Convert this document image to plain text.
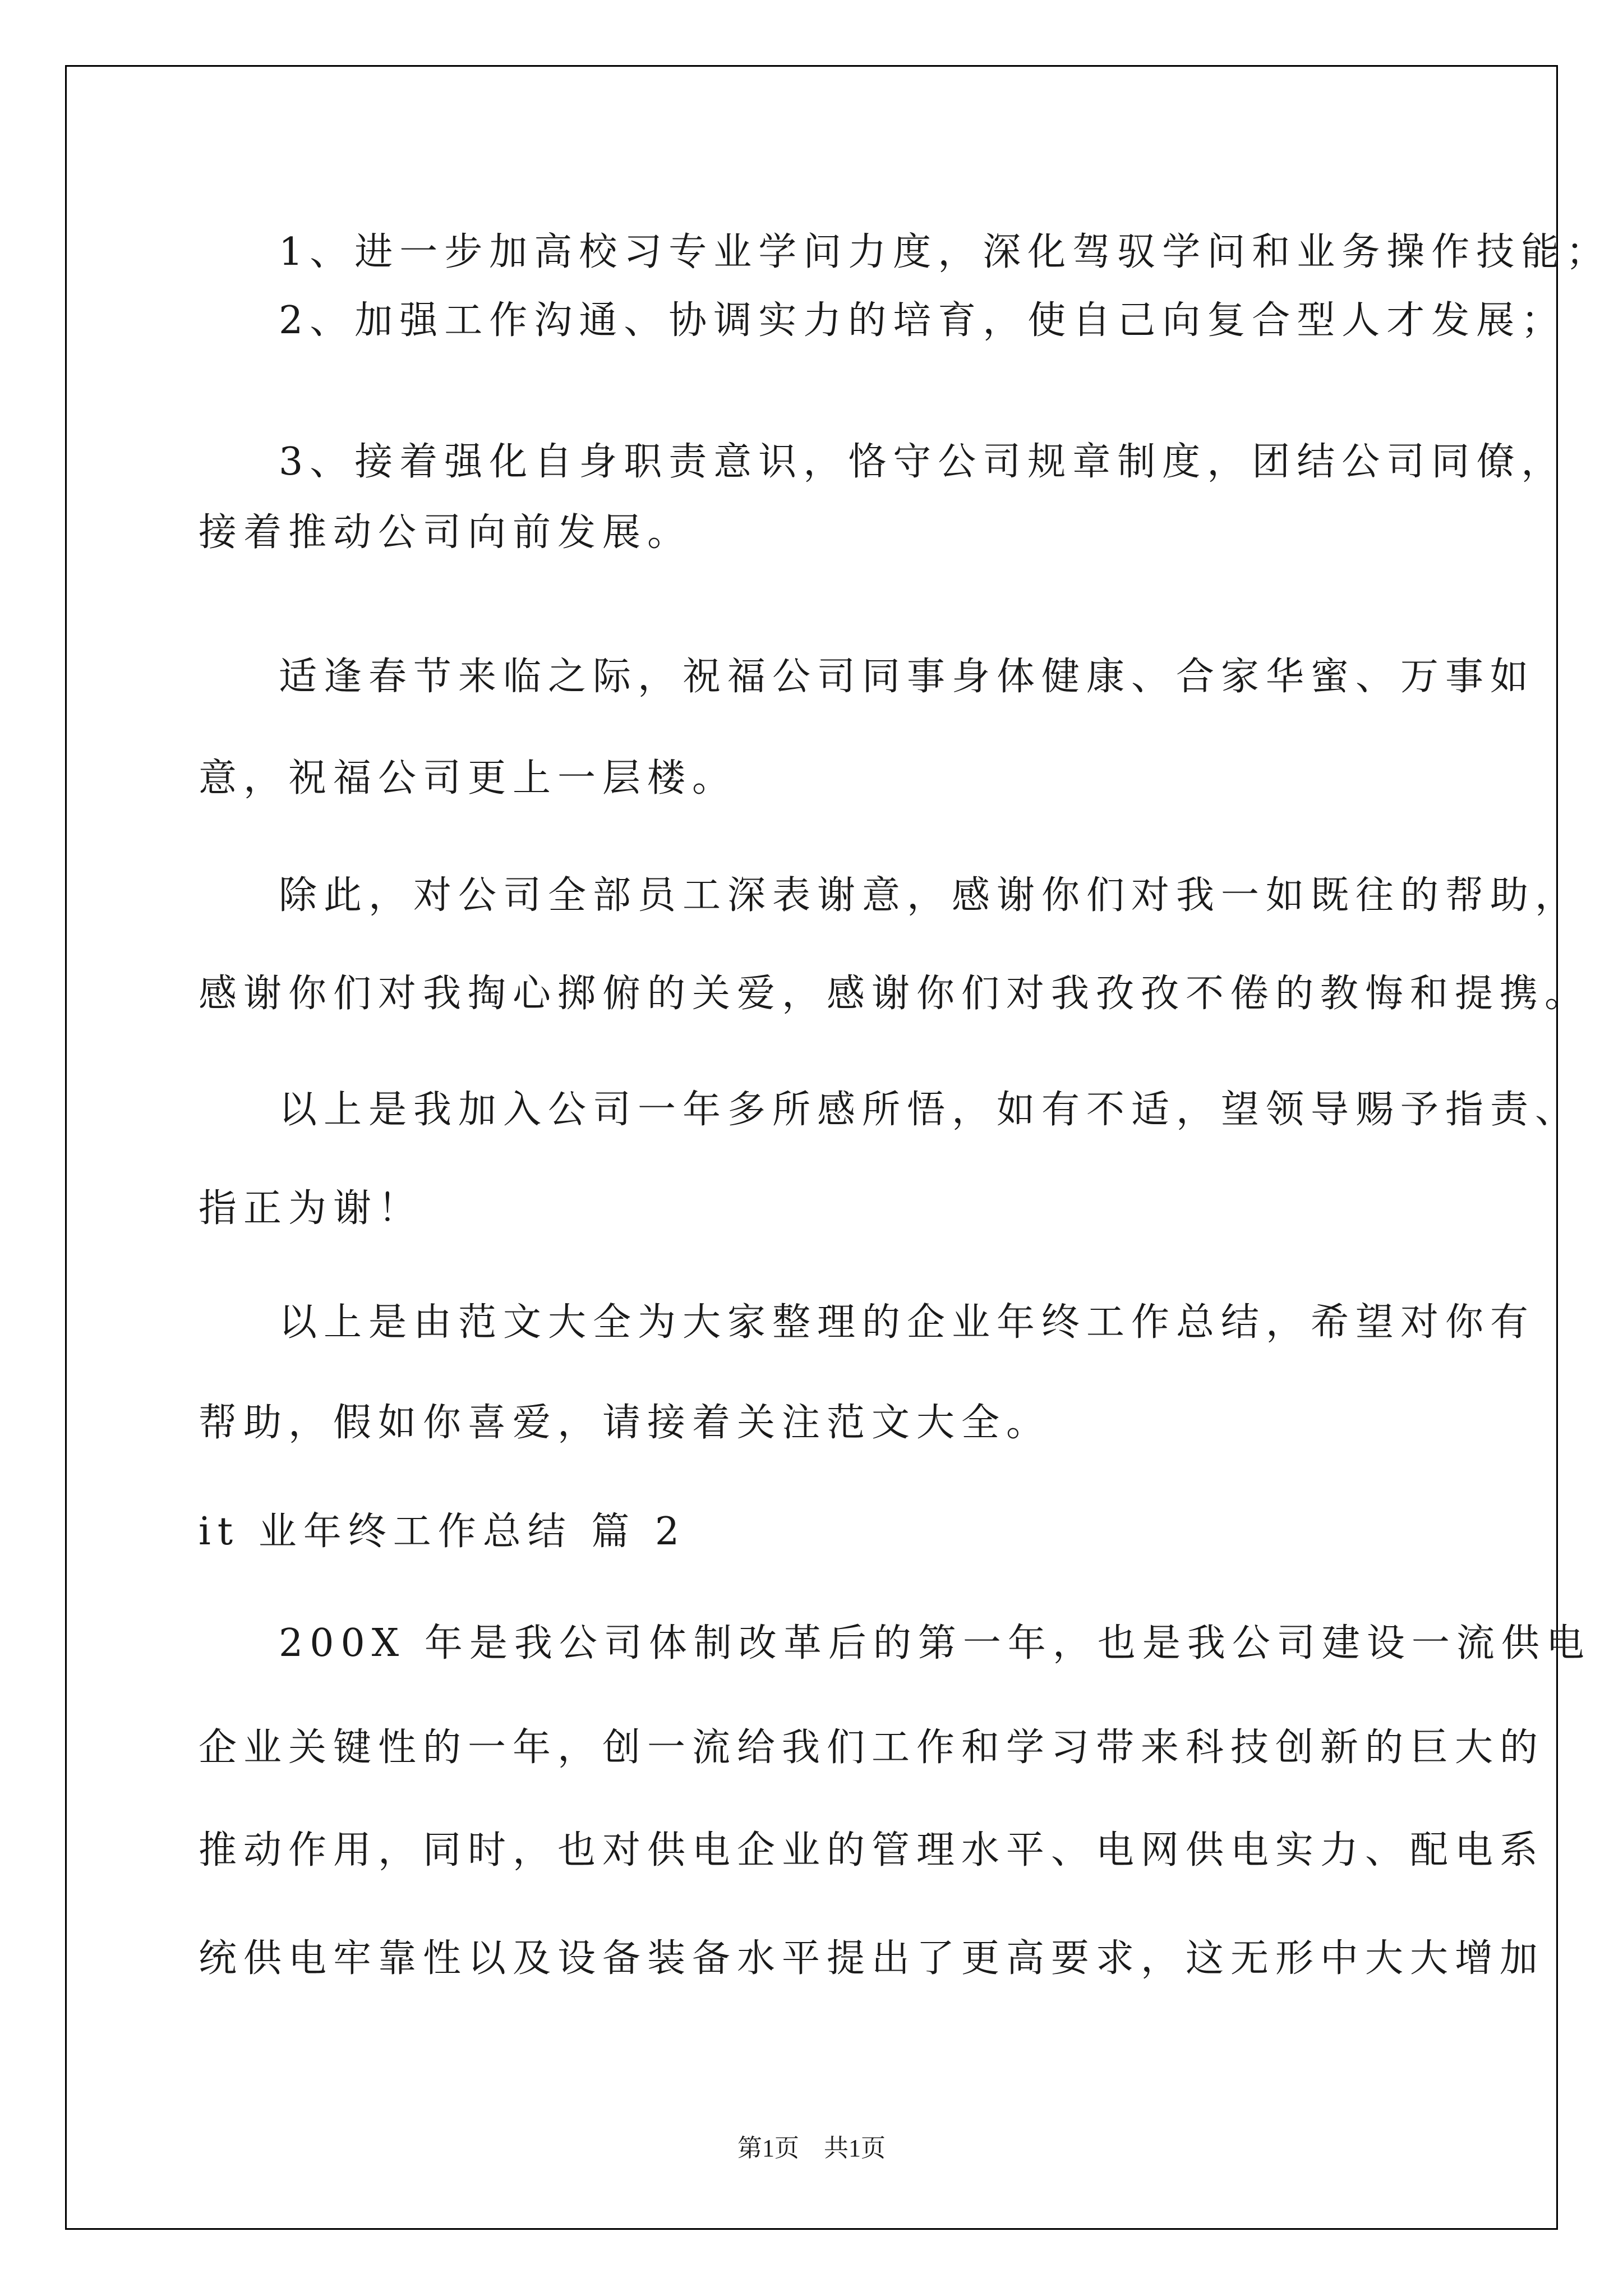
1、进一步加高校习专业学问力度，深化驾驭学问和业务操作技能；
2、加强工作沟通、协调实力的培育，使自己向复合型人才发展；
3、接着强化自身职责意识，恪守公司规章制度，团结公司同僚，
接着推动公司向前发展。
适逢春节来临之际，祝福公司同事身体健康、合家华蜜、万事如
意，祝福公司更上一层楼。
除此，对公司全部员工深表谢意，感谢你们对我一如既往的帮助，
感谢你们对我掏心掷俯的关爱，感谢你们对我孜孜不倦的教悔和提携。
以上是我加入公司一年多所感所悟，如有不适，望领导赐予指责、
指正为谢！
以上是由范文大全为大家整理的企业年终工作总结，希望对你有
帮助，假如你喜爱，请接着关注范文大全。
it 业年终工作总结 篇 2
200X 年是我公司体制改革后的第一年，也是我公司建设一流供电
企业关键性的一年，创一流给我们工作和学习带来科技创新的巨大的
推动作用，同时，也对供电企业的管理水平、电网供电实力、配电系
统供电牢靠性以及设备装备水平提出了更高要求，这无形中大大增加
第1页　共1页
